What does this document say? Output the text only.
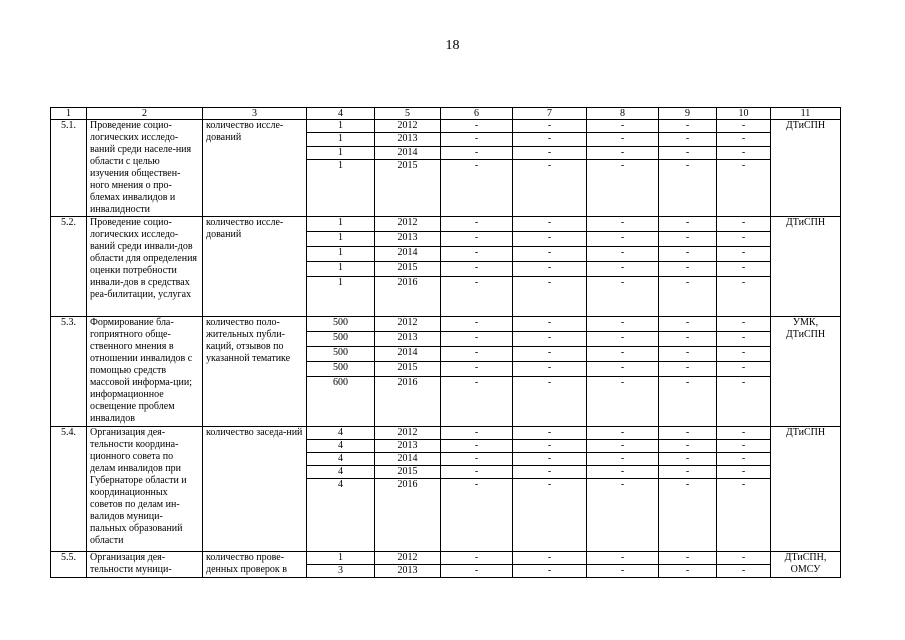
18
1	2	3	4	5	6	7	8	9	10	11
5.1.	Проведение социо-логических исследо-ваний среди населе-ния области с целью изучения обществен-ного мнения о про-блемах инвалидов и инвалидности	количество иссле-дований	1	2012	-	-	-	-	-	ДТиСПН
			1	2013	-	-	-	-	-	
			1	2014	-	-	-	-	-	
			1	2015	-	-	-	-	-	
5.2.	Проведение социо-логических исследо-ваний среди инвали-дов области для определения оценки потребности инвали-дов в средствах реа-билитации, услугах	количество иссле-дований	1	2012	-	-	-	-	-	ДТиСПН
			1	2013	-	-	-	-	-	
			1	2014	-	-	-	-	-	
			1	2015	-	-	-	-	-	
			1	2016	-	-	-	-	-	
5.3.	Формирование бла-гоприятного обще-ственного мнения в отношении инвалидов с помощью средств массовой информа-ции; информационное освещение проблем инвалидов	количество поло-жительных публи-каций, отзывов по указанной тематике	500	2012	-	-	-	-	-	УМК, ДТиСПН
			500	2013	-	-	-	-	-	
			500	2014	-	-	-	-	-	
			500	2015	-	-	-	-	-	
			600	2016	-	-	-	-	-	
5.4.	Организация дея-тельности координа-ционного совета по делам инвалидов при Губернаторе области и координационных советов по делам ин-валидов муници-пальных образований области	количество заседа-ний	4	2012	-	-	-	-	-	ДТиСПН
			4	2013	-	-	-	-	-	
			4	2014	-	-	-	-	-	
			4	2015	-	-	-	-	-	
			4	2016	-	-	-	-	-	
5.5.	Организация дея-тельности муници-	количество прове-денных проверок в	1	2012	-	-	-	-	-	ДТиСПН, ОМСУ
			3	2013	-	-	-	-	-	
